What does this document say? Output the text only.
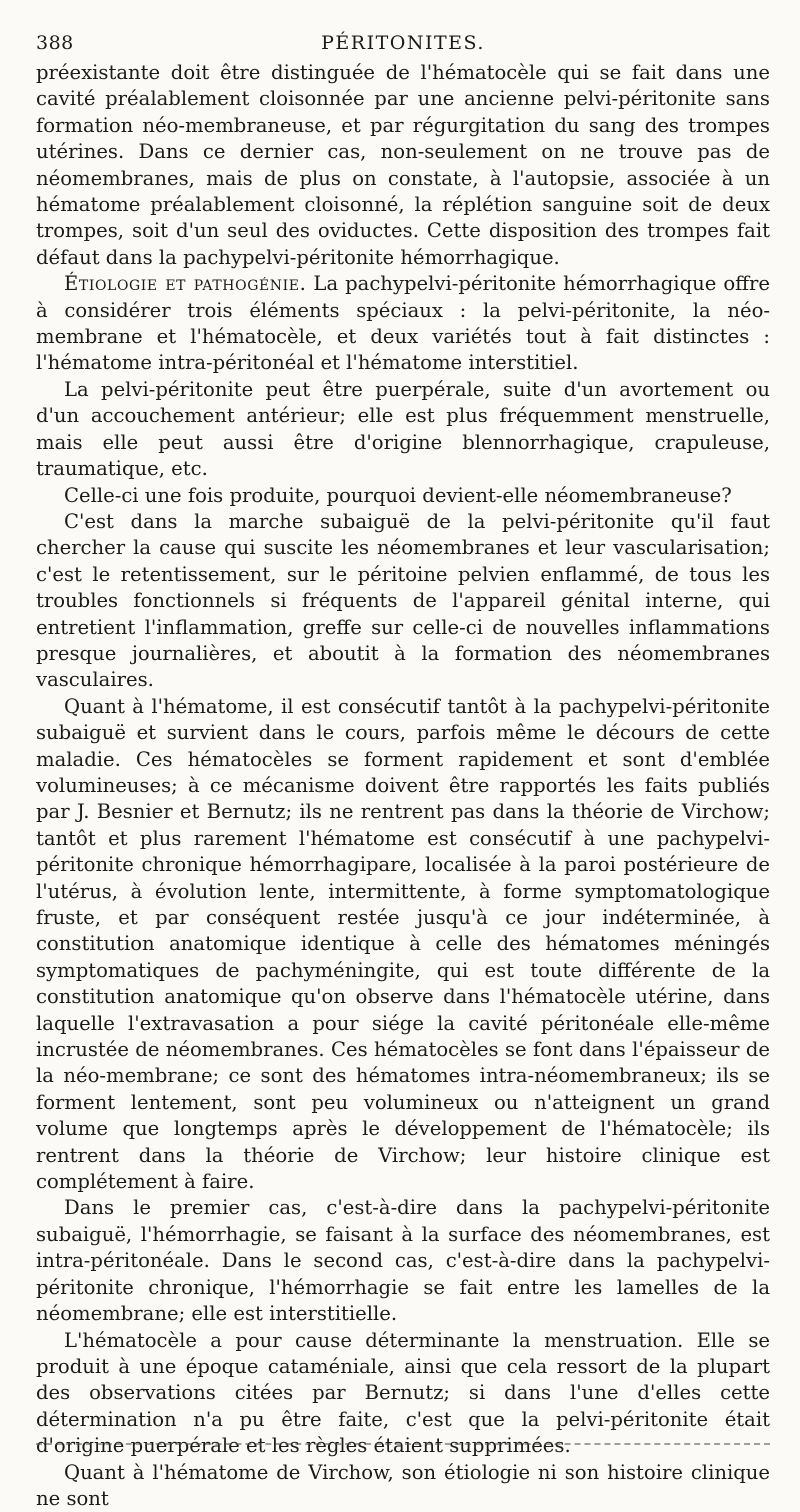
388	PÉRITONITES.

préexistante doit être distinguée de l'hématocèle qui se fait dans une cavité préalablement cloisonnée par une ancienne pelvi-péritonite sans formation néo-membraneuse, et par régurgitation du sang des trompes utérines. Dans ce dernier cas, non-seulement on ne trouve pas de néomembranes, mais de plus on constate, à l'autopsie, associée à un hématome préalablement cloisonné, la réplétion sanguine soit de deux trompes, soit d'un seul des oviductes. Cette disposition des trompes fait défaut dans la pachypelvi-péritonite hémorrhagique.

Étiologie et pathogénie. La pachypelvi-péritonite hémorrhagique offre à considérer trois éléments spéciaux : la pelvi-péritonite, la néo-membrane et l'hématocèle, et deux variétés tout à fait distinctes : l'hématome intra-péritonéal et l'hématome interstitiel.

La pelvi-péritonite peut être puerpérale, suite d'un avortement ou d'un accouchement antérieur; elle est plus fréquemment menstruelle, mais elle peut aussi être d'origine blennorrhagique, crapuleuse, traumatique, etc.

Celle-ci une fois produite, pourquoi devient-elle néomembraneuse?

C'est dans la marche subaiguë de la pelvi-péritonite qu'il faut chercher la cause qui suscite les néomembranes et leur vascularisation; c'est le retentissement, sur le péritoine pelvien enflammé, de tous les troubles fonctionnels si fréquents de l'appareil génital interne, qui entretient l'inflammation, greffe sur celle-ci de nouvelles inflammations presque journalières, et aboutit à la formation des néomembranes vasculaires.

Quant à l'hématome, il est consécutif tantôt à la pachypelvi-péritonite subaiguë et survient dans le cours, parfois même le décours de cette maladie. Ces hématocèles se forment rapidement et sont d'emblée volumineuses; à ce mécanisme doivent être rapportés les faits publiés par J. Besnier et Bernutz; ils ne rentrent pas dans la théorie de Virchow; tantôt et plus rarement l'hématome est consécutif à une pachypelvi-péritonite chronique hémorrhagipare, localisée à la paroi postérieure de l'utérus, à évolution lente, intermittente, à forme symptomatologique fruste, et par conséquent restée jusqu'à ce jour indéterminée, à constitution anatomique identique à celle des hématomes méningés symptomatiques de pachyméningite, qui est toute différente de la constitution anatomique qu'on observe dans l'hématocèle utérine, dans laquelle l'extravasation a pour siége la cavité péritonéale elle-même incrustée de néomembranes. Ces hématocèles se font dans l'épaisseur de la néo-membrane; ce sont des hématomes intra-néomembraneux; ils se forment lentement, sont peu volumineux ou n'atteignent un grand volume que longtemps après le développement de l'hématocèle; ils rentrent dans la théorie de Virchow; leur histoire clinique est complétement à faire.

Dans le premier cas, c'est-à-dire dans la pachypelvi-péritonite subaiguë, l'hémorrhagie, se faisant à la surface des néomembranes, est intra-péritonéale. Dans le second cas, c'est-à-dire dans la pachypelvi-péritonite chronique, l'hémorrhagie se fait entre les lamelles de la néomembrane; elle est interstitielle.

L'hématocèle a pour cause déterminante la menstruation. Elle se produit à une époque cataméniale, ainsi que cela ressort de la plupart des observations citées par Bernutz; si dans l'une d'elles cette détermination n'a pu être faite, c'est que la pelvi-péritonite était d'origine puerpérale et les règles étaient supprimées.

Quant à l'hématome de Virchow, son étiologie ni son histoire clinique ne sont
